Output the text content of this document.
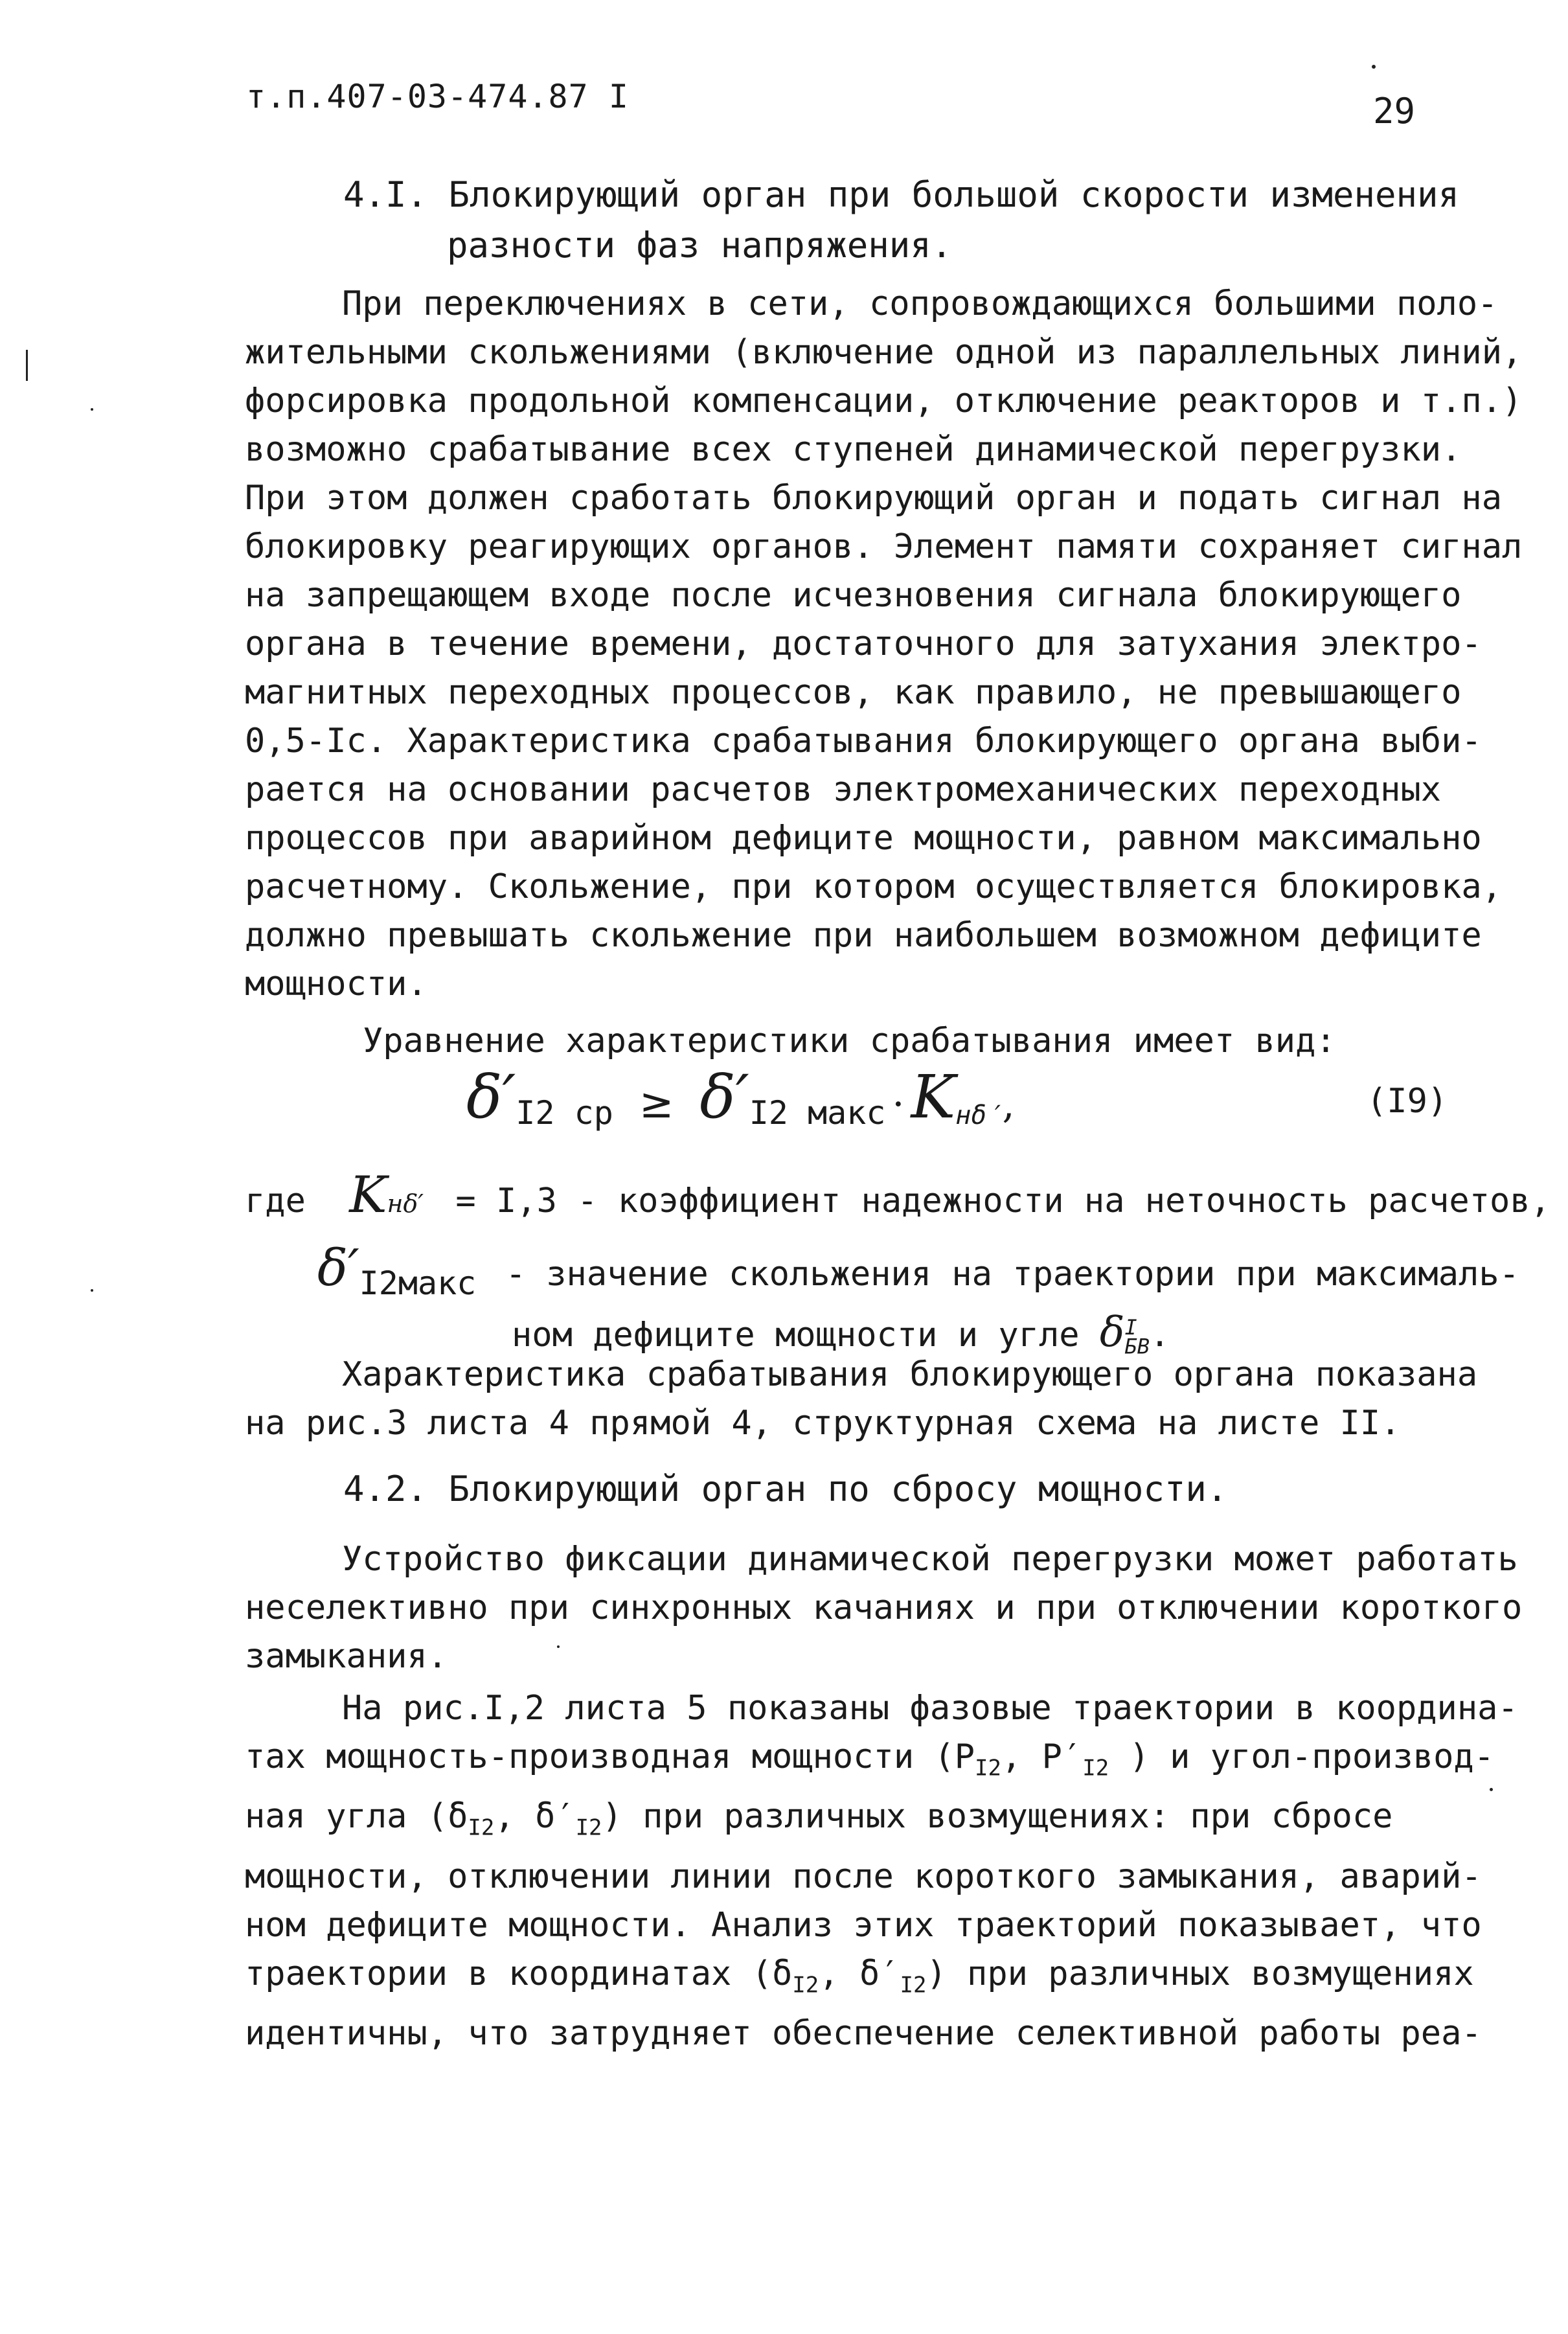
т.п.407-03-474.87 I	29
4.I. Блокирующий орган при большой скорости изменения
разности фаз напряжения.
При переключениях в сети, сопровождающихся большими поло-
жительными скольжениями (включение одной из параллельных линий,
форсировка продольной компенсации, отключение реакторов и т.п.)
возможно срабатывание всех ступеней динамической перегрузки.
При этом должен сработать блокирующий орган и подать сигнал на
блокировку реагирующих органов. Элемент памяти сохраняет сигнал
на запрещающем входе после исчезновения сигнала блокирующего
органа в течение времени, достаточного для затухания электро-
магнитных переходных процессов, как правило, не превышающего
0,5-Iс. Характеристика срабатывания блокирующего органа выби-
рается на основании расчетов электромеханических переходных
процессов при аварийном дефиците мощности, равном максимально
расчетному. Скольжение, при котором осуществляется блокировка,
должно превышать скольжение при наибольшем возможном дефиците
мощности.
Уравнение характеристики срабатывания имеет вид:
$\delta'_{I2 ср} \ge \delta'_{I2 макс} \cdot K_{н\delta'}$,	(I9)
где Kнδ′ = I,3 - коэффициент надежности на неточность расчетов,
δ′I2макс - значение скольжения на траектории при максималь-
ном дефиците мощности и угле δ I
$_{БВ}$.
Характеристика срабатывания блокирующего органа показана
на рис.3 листа 4 прямой 4, структурная схема на листе II.
4.2. Блокирующий орган по сбросу мощности.
Устройство фиксации динамической перегрузки может работать
неселективно при синхронных качаниях и при отключении короткого
замыкания.
На рис.I,2 листа 5 показаны фазовые траектории в координа-
тах мощность-производная мощности ($P_{I2}$, $P'_{I2}$ ) и угол-производ-
ная угла ($\delta_{I2}$, $\delta'_{I2}$) при различных возмущениях: при сбросе
мощности, отключении линии после короткого замыкания, аварий-
ном дефиците мощности. Анализ этих траекторий показывает, что
траектории в координатах ($\delta_{I2}$, $\delta'_{I2}$) при различных возмущениях
идентичны, что затрудняет обеспечение селективной работы реа-
